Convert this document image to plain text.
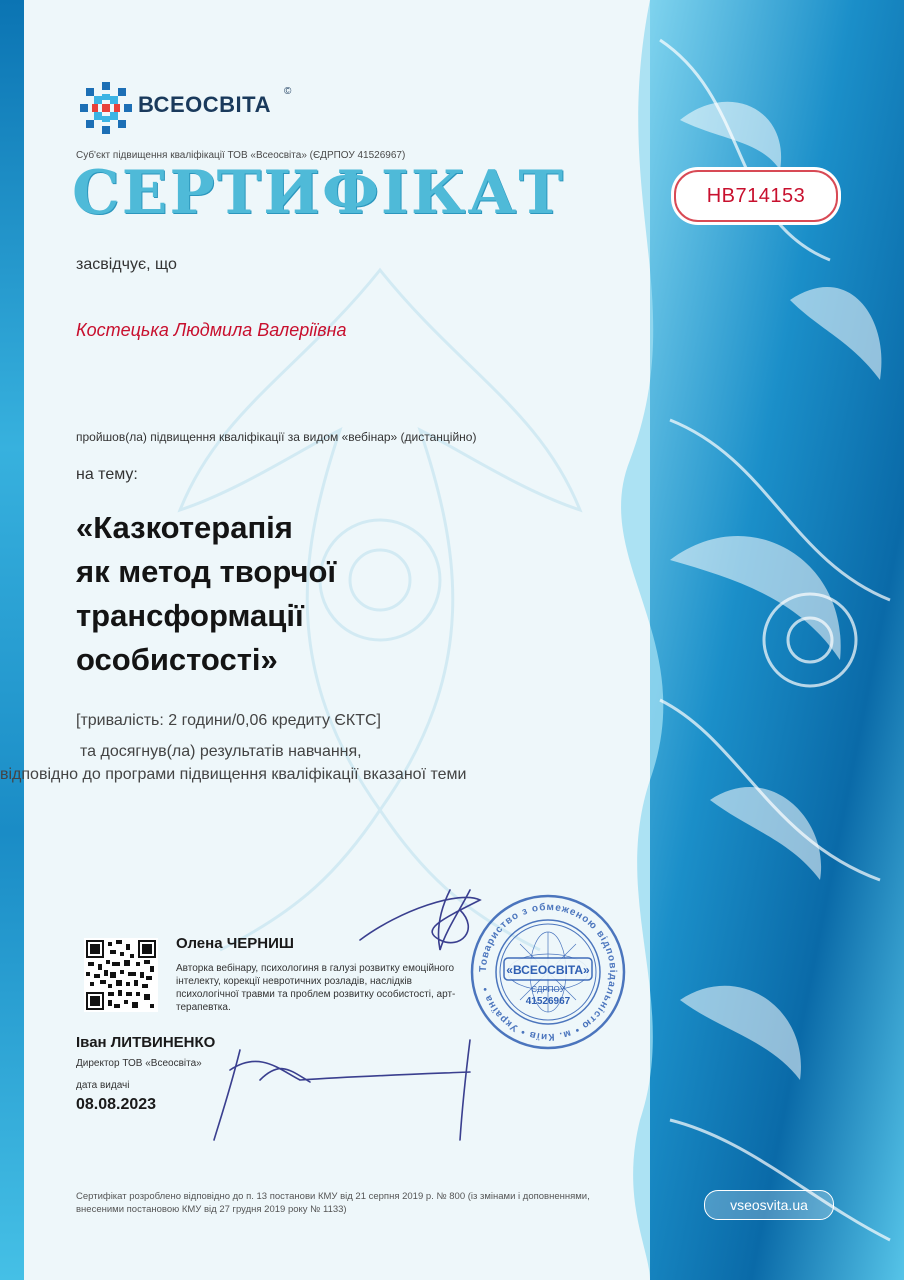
ВСЕОСВІТА
©
Суб'єкт підвищення кваліфікації ТОВ «Всеосвіта» (ЄДРПОУ 41526967)
СЕРТИФІКАТ	НВ714153
засвідчує, що
Костецька Людмила Валеріївна
пройшов(ла) підвищення кваліфікації за видом «вебінар» (дистанційно)
на тему:
«Казкотерапія
як метод творчої
трансформації
особистості»
[тривалість: 2 години/0,06 кредиту ЄКТС]
та досягнув(ла) результатів навчання,
відповідно до програми підвищення кваліфікації вказаної теми
Олена ЧЕРНИШ
Авторка вебінару, психологиня в галузі розвитку емоційного інтелекту, корекції невротичних розладів, наслідків психологічної травми та проблем розвитку особистості, арт-терапевтка.
Іван ЛИТВИНЕНКО
Директор ТОВ «Всеосвіта»
дата видачі
08.08.2023
Товариство з обмеженою відповідальністю • м. Київ • Україна •
«ВСЕОСВІТА»
ЄДРПОУ
41526967
Сертифікат розроблено відповідно до п. 13 постанови КМУ від 21 серпня 2019 р. № 800 (із змінами і доповненнями, внесеними постановою КМУ від 27 грудня 2019 року № 1133)	vseosvita.ua
